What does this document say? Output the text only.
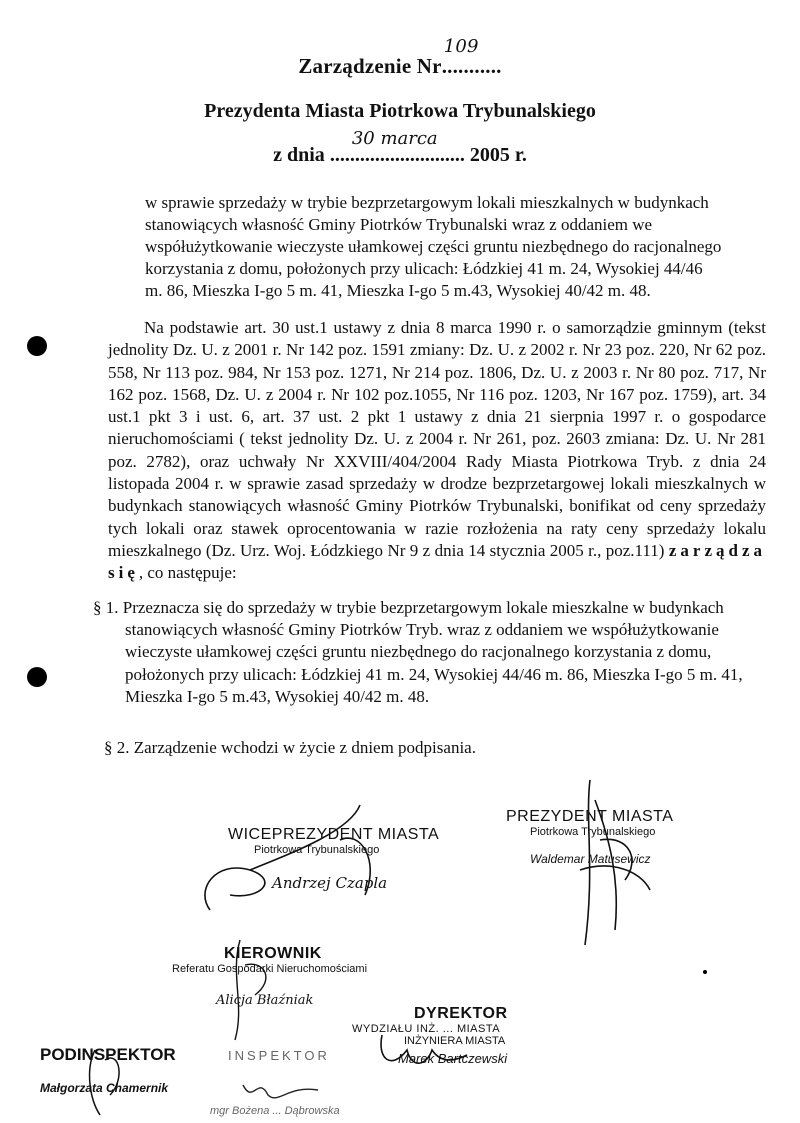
Zarządzenie Nr...........
109
Prezydenta Miasta Piotrkowa Trybunalskiego
z dnia ...........................
30 marca
2005 r.
w sprawie sprzedaży w trybie bezprzetargowym lokali mieszkalnych w budynkach
stanowiących własność Gminy Piotrków Trybunalski wraz z oddaniem we
współużytkowanie wieczyste ułamkowej części gruntu niezbędnego do racjonalnego
korzystania z domu, położonych przy ulicach: Łódzkiej 41 m. 24, Wysokiej 44/46
m. 86, Mieszka I-go 5 m. 41, Mieszka I-go 5 m.43, Wysokiej 40/42 m. 48.
Na podstawie art. 30 ust.1 ustawy z dnia 8 marca 1990 r. o samorządzie gminnym (tekst jednolity Dz. U. z 2001 r. Nr 142 poz. 1591 zmiany: Dz. U. z 2002 r. Nr 23 poz. 220, Nr 62 poz. 558, Nr 113 poz. 984, Nr 153 poz. 1271, Nr 214 poz. 1806, Dz. U. z 2003 r. Nr 80 poz. 717, Nr 162 poz. 1568, Dz. U. z 2004 r. Nr 102 poz.1055, Nr 116 poz. 1203, Nr 167 poz. 1759), art. 34 ust.1 pkt 3 i ust. 6, art. 37 ust. 2 pkt 1 ustawy z dnia 21 sierpnia 1997 r. o gospodarce nieruchomościami ( tekst jednolity Dz. U. z 2004 r. Nr 261, poz. 2603 zmiana: Dz. U. Nr 281 poz. 2782), oraz uchwały Nr XXVIII/404/2004 Rady Miasta Piotrkowa Tryb. z dnia 24 listopada 2004 r. w sprawie zasad sprzedaży w drodze bezprzetargowej lokali mieszkalnych w budynkach stanowiących własność Gminy Piotrków Trybunalski, bonifikat od ceny sprzedaży tych lokali oraz stawek oprocentowania w razie rozłożenia na raty ceny sprzedaży lokalu mieszkalnego (Dz. Urz. Woj. Łódzkiego Nr 9 z dnia 14 stycznia 2005 r., poz.111) zarządza się, co następuje:
§ 1. Przeznacza się do sprzedaży w trybie bezprzetargowym lokale mieszkalne w budynkach stanowiących własność Gminy Piotrków Tryb. wraz z oddaniem we współużytkowanie wieczyste ułamkowej części gruntu niezbędnego do racjonalnego korzystania z domu, położonych przy ulicach: Łódzkiej 41 m. 24, Wysokiej 44/46 m. 86, Mieszka I-go 5 m. 41, Mieszka I-go 5 m.43, Wysokiej 40/42 m. 48.
§ 2. Zarządzenie wchodzi w życie z dniem podpisania.
WICEPREZYDENT MIASTA
Piotrkowa Trybunalskiego
Andrzej Czapla
PREZYDENT MIASTA
Piotrkowa Trybunalskiego
Waldemar Matusewicz
KIEROWNIK
Referatu Gospodarki Nieruchomościami
Alicja Błaźniak
DYREKTOR
WYDZIAŁU INŻ. ... MIASTA
INŻYNIERA MIASTA
Marek Bartczewski
PODINSPEKTOR
Małgorzata Chamernik
INSPEKTOR
mgr Bożena ... Dąbrowska
